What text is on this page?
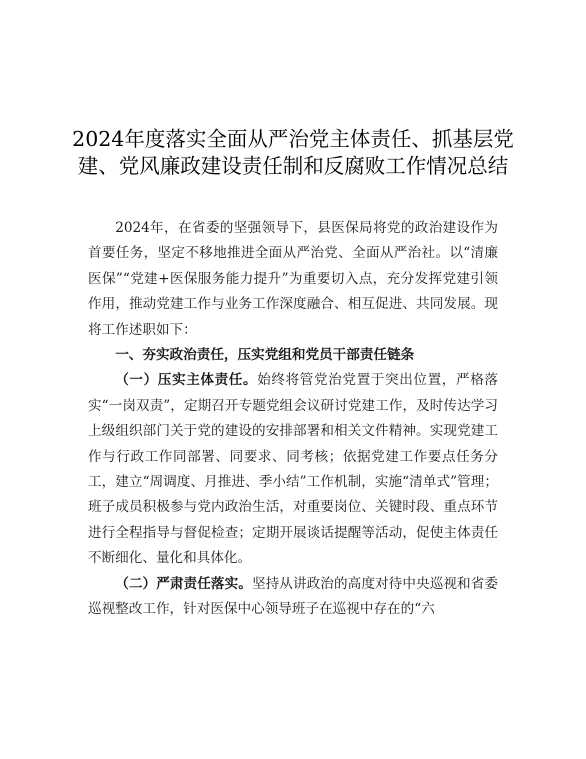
2024年度落实全面从严治党主体责任、抓基层党建、党风廉政建设责任制和反腐败工作情况总结

2024年，在省委的坚强领导下，县医保局将党的政治建设作为首要任务，坚定不移地推进全面从严治党、全面从严治社。以“清廉医保”“党建+医保服务能力提升”为重要切入点，充分发挥党建引领作用，推动党建工作与业务工作深度融合、相互促进、共同发展。现将工作述职如下：

一、夯实政治责任，压实党组和党员干部责任链条

（一）压实主体责任。始终将管党治党置于突出位置，严格落实“一岗双责”，定期召开专题党组会议研讨党建工作，及时传达学习上级组织部门关于党的建设的安排部署和相关文件精神。实现党建工作与行政工作同部署、同要求、同考核；依据党建工作要点任务分工，建立“周调度、月推进、季小结”工作机制，实施“清单式”管理；班子成员积极参与党内政治生活，对重要岗位、关键时段、重点环节进行全程指导与督促检查；定期开展谈话提醒等活动，促使主体责任不断细化、量化和具体化。

（二）严肃责任落实。坚持从讲政治的高度对待中央巡视和省委巡视整改工作，针对医保中心领导班子在巡视中存在的“六
